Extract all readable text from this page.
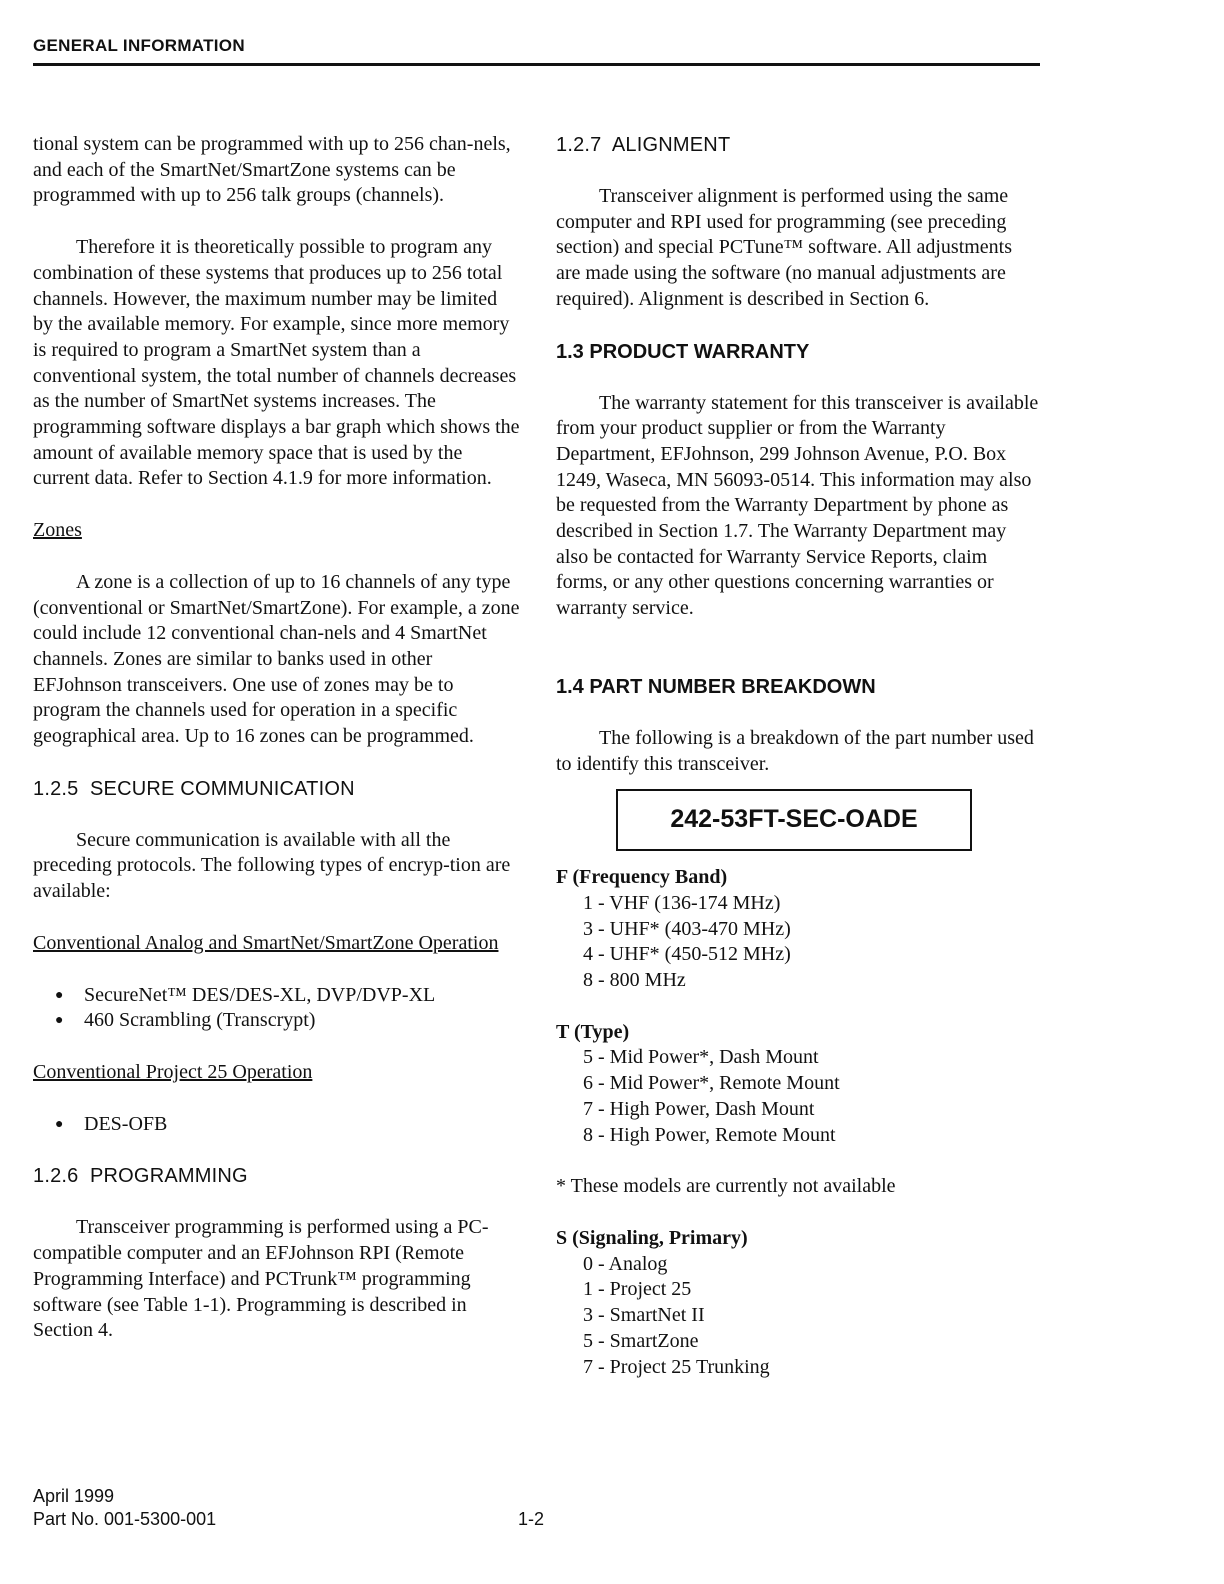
GENERAL INFORMATION

tional system can be programmed with up to 256 chan-nels, and each of the SmartNet/SmartZone systems can be programmed with up to 256 talk groups (channels).

Therefore it is theoretically possible to program any combination of these systems that produces up to 256 total channels. However, the maximum number may be limited by the available memory. For example, since more memory is required to program a SmartNet system than a conventional system, the total number of channels decreases as the number of SmartNet systems increases. The programming software displays a bar graph which shows the amount of available memory space that is used by the current data. Refer to Section 4.1.9 for more information.

Zones

A zone is a collection of up to 16 channels of any type (conventional or SmartNet/SmartZone). For example, a zone could include 12 conventional chan-nels and 4 SmartNet channels. Zones are similar to banks used in other EFJohnson transceivers. One use of zones may be to program the channels used for operation in a specific geographical area. Up to 16 zones can be programmed.

1.2.5  SECURE COMMUNICATION

Secure communication is available with all the preceding protocols. The following types of encryp-tion are available:

Conventional Analog and SmartNet/SmartZone Operation

● SecureNet™ DES/DES-XL, DVP/DVP-XL
● 460 Scrambling (Transcrypt)

Conventional Project 25 Operation

● DES-OFB

1.2.6  PROGRAMMING

Transceiver programming is performed using a PC-compatible computer and an EFJohnson RPI (Remote Programming Interface) and PCTrunk™ programming software (see Table 1-1). Programming is described in Section 4.

1.2.7  ALIGNMENT

Transceiver alignment is performed using the same computer and RPI used for programming (see preceding section) and special PCTune™ software. All adjustments are made using the software (no manual adjustments are required). Alignment is described in Section 6.

1.3 PRODUCT WARRANTY

The warranty statement for this transceiver is available from your product supplier or from the Warranty Department, EFJohnson, 299 Johnson Avenue, P.O. Box 1249, Waseca, MN 56093-0514. This information may also be requested from the Warranty Department by phone as described in Section 1.7. The Warranty Department may also be contacted for Warranty Service Reports, claim forms, or any other questions concerning warranties or warranty service.

1.4 PART NUMBER BREAKDOWN

The following is a breakdown of the part number used to identify this transceiver.

242-53FT-SEC-OADE

F (Frequency Band)

1 - VHF (136-174 MHz)

3 - UHF* (403-470 MHz)

4 - UHF* (450-512 MHz)

8 - 800 MHz

T (Type)

5 - Mid Power*, Dash Mount

6 - Mid Power*, Remote Mount

7 - High Power, Dash Mount

8 - High Power, Remote Mount

* These models are currently not available

S (Signaling, Primary)

0 - Analog

1 - Project 25

3 - SmartNet II

5 - SmartZone

7 - Project 25 Trunking

April 1999
Part No. 001-5300-001	1-2
